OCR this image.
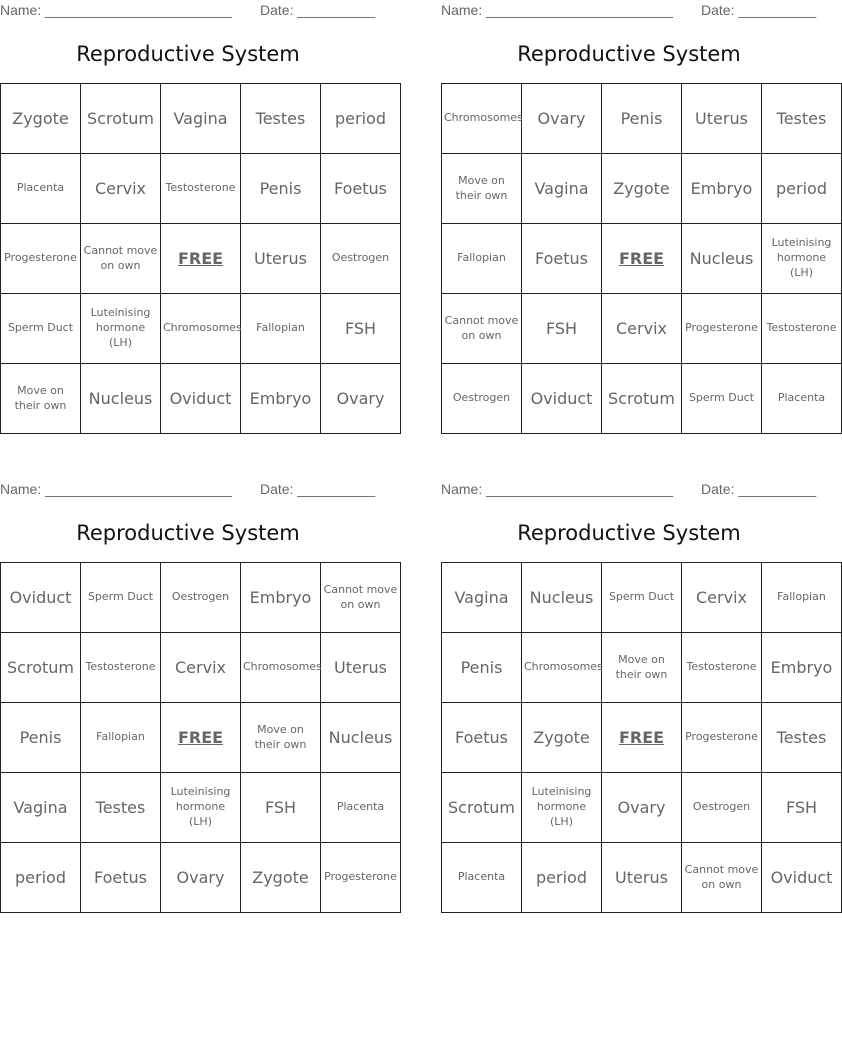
Name: ________________________ Date: __________
Reproductive System
Zygote	Scrotum	Vagina	Testes	period
Placenta	Cervix	Testosterone	Penis	Foetus
Progesterone	Cannot move on own	FREE	Uterus	Oestrogen
Sperm Duct	Luteinising hormone (LH)	Chromosomes	Fallopian	FSH
Move on their own	Nucleus	Oviduct	Embryo	Ovary
Name: ________________________ Date: __________
Reproductive System
Chromosomes	Ovary	Penis	Uterus	Testes
Move on their own	Vagina	Zygote	Embryo	period
Fallopian	Foetus	FREE	Nucleus	Luteinising hormone (LH)
Cannot move on own	FSH	Cervix	Progesterone	Testosterone
Oestrogen	Oviduct	Scrotum	Sperm Duct	Placenta
Name: ________________________ Date: __________
Reproductive System
Oviduct	Sperm Duct	Oestrogen	Embryo	Cannot move on own
Scrotum	Testosterone	Cervix	Chromosomes	Uterus
Penis	Fallopian	FREE	Move on their own	Nucleus
Vagina	Testes	Luteinising hormone (LH)	FSH	Placenta
period	Foetus	Ovary	Zygote	Progesterone
Name: ________________________ Date: __________
Reproductive System
Vagina	Nucleus	Sperm Duct	Cervix	Fallopian
Penis	Chromosomes	Move on their own	Testosterone	Embryo
Foetus	Zygote	FREE	Progesterone	Testes
Scrotum	Luteinising hormone (LH)	Ovary	Oestrogen	FSH
Placenta	period	Uterus	Cannot move on own	Oviduct
